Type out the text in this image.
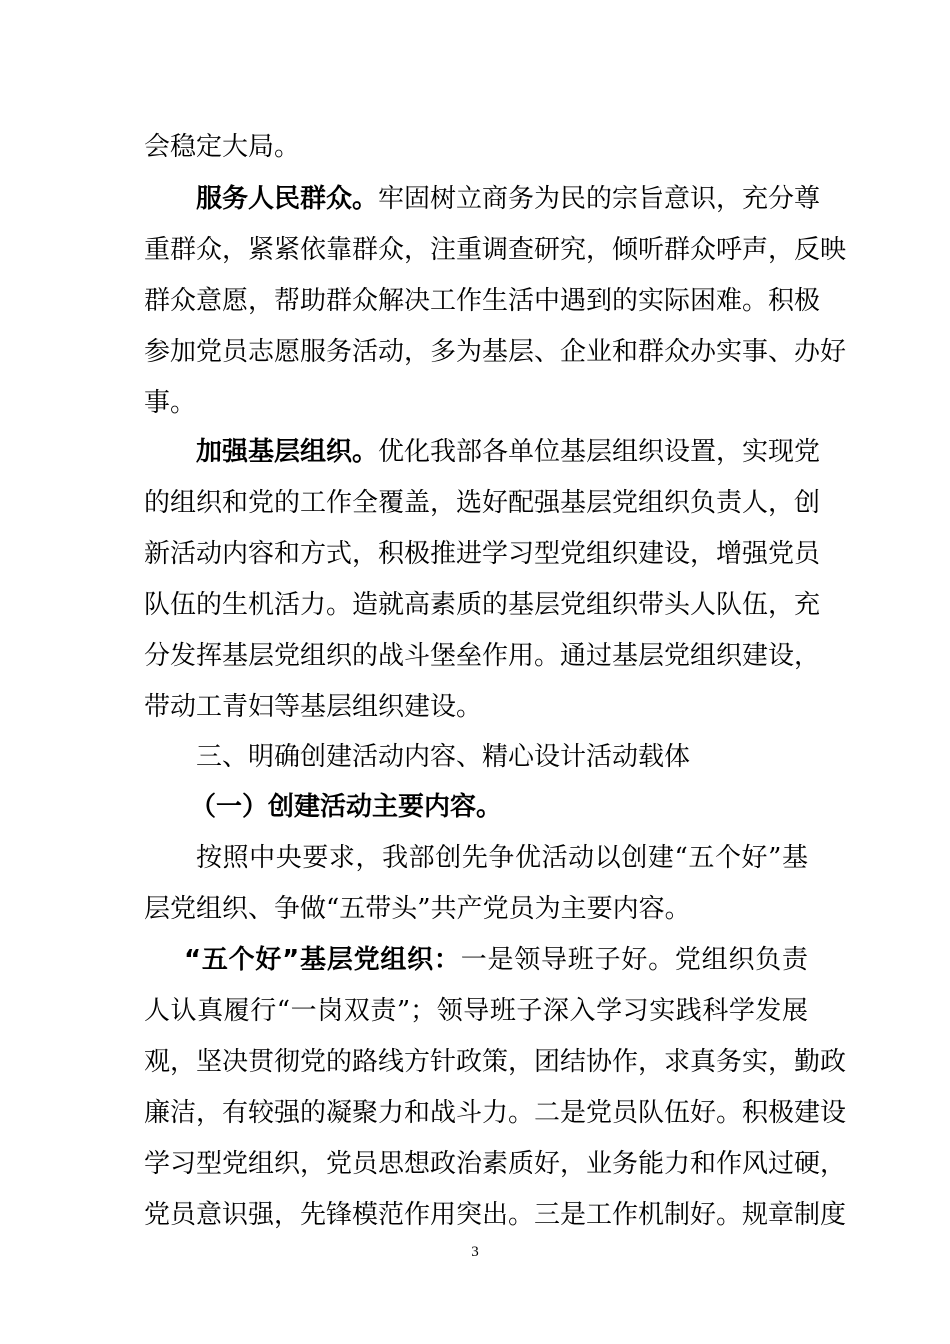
会稳定大局。
服务人民群众。牢固树立商务为民的宗旨意识，充分尊
重群众，紧紧依靠群众，注重调查研究，倾听群众呼声，反映
群众意愿，帮助群众解决工作生活中遇到的实际困难。积极
参加党员志愿服务活动，多为基层、企业和群众办实事、办好
事。
加强基层组织。优化我部各单位基层组织设置，实现党
的组织和党的工作全覆盖，选好配强基层党组织负责人，创
新活动内容和方式，积极推进学习型党组织建设，增强党员
队伍的生机活力。造就高素质的基层党组织带头人队伍，充
分发挥基层党组织的战斗堡垒作用。通过基层党组织建设，
带动工青妇等基层组织建设。
三、明确创建活动内容、精心设计活动载体
（一）创建活动主要内容。
按照中央要求，我部创先争优活动以创建“五个好”基
层党组织、争做“五带头”共产党员为主要内容。
“五个好”基层党组织：一是领导班子好。党组织负责
人认真履行“一岗双责”；领导班子深入学习实践科学发展
观，坚决贯彻党的路线方针政策，团结协作，求真务实，勤政
廉洁，有较强的凝聚力和战斗力。二是党员队伍好。积极建设
学习型党组织，党员思想政治素质好，业务能力和作风过硬，
党员意识强，先锋模范作用突出。三是工作机制好。规章制度
3
